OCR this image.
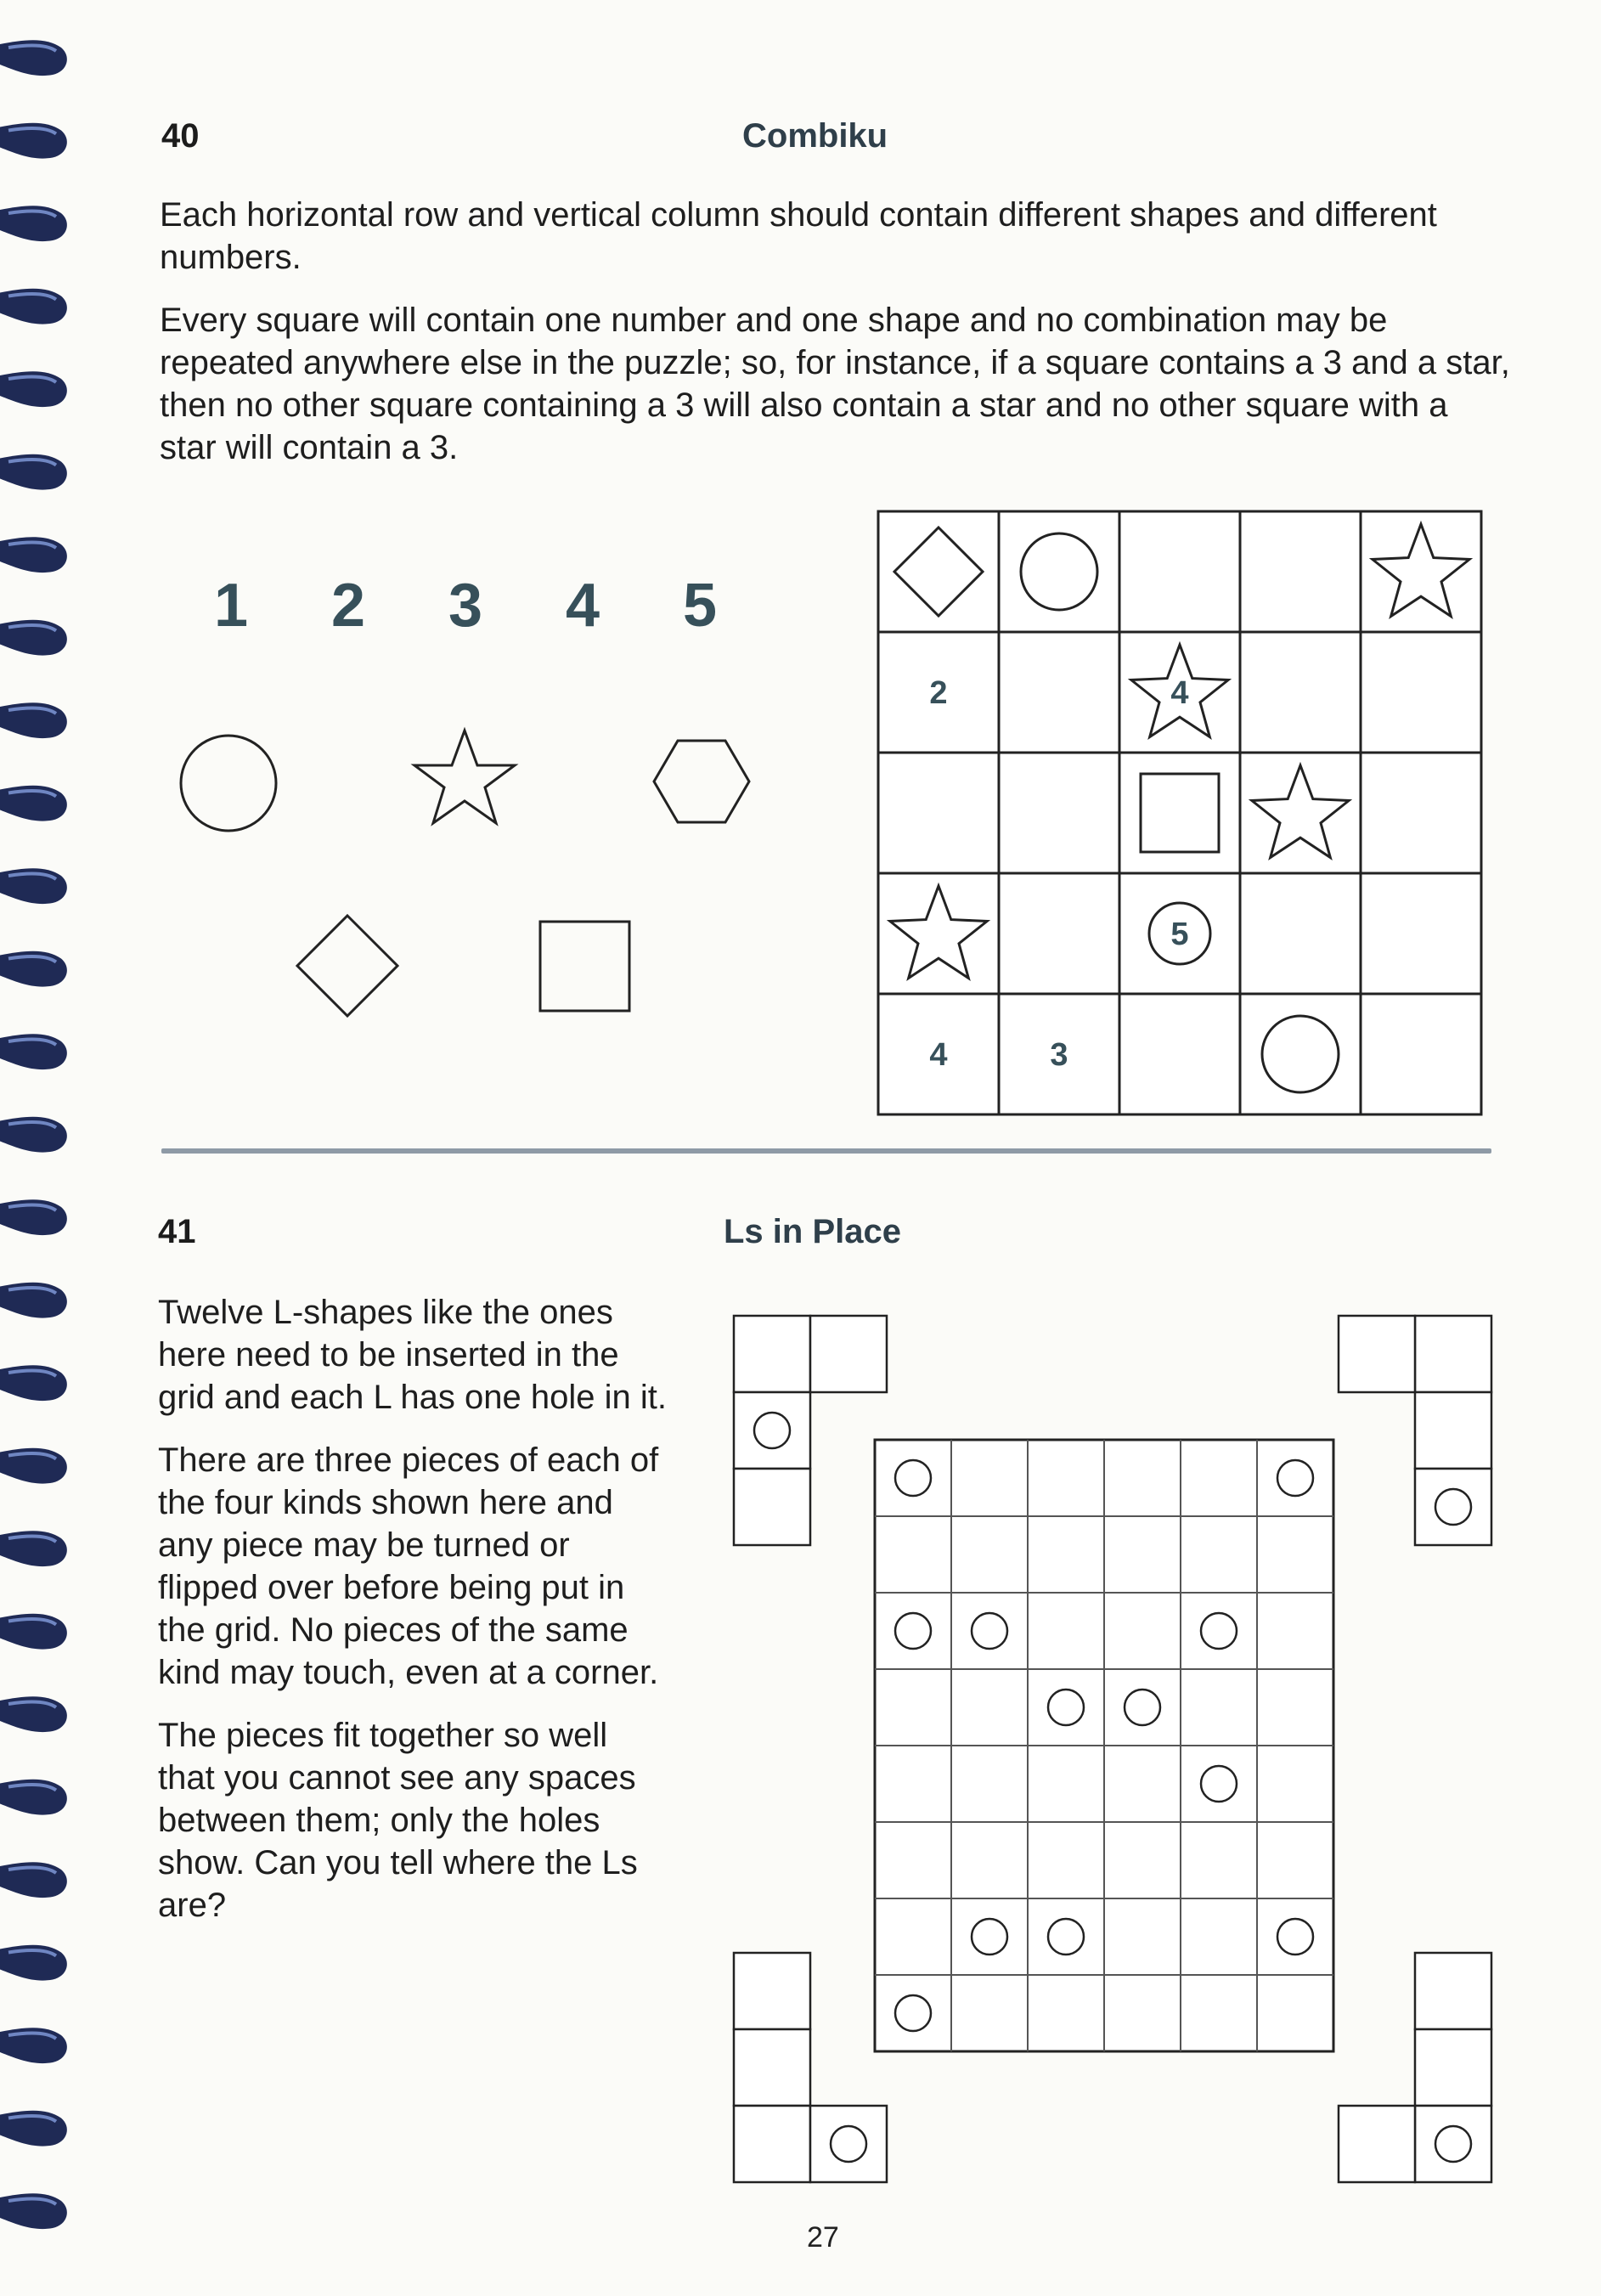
40	Combiku

Each horizontal row and vertical column should contain different shapes and different numbers.

Every square will contain one number and one shape and no combination may be repeated anywhere else in the puzzle; so, for instance, if a square contains a 3 and a star, then no other square containing a 3 will also contain a star and no other square with a star will contain a 3.

1 2 3 4 5
2	4
5
4	3
41	Ls in Place

Twelve L-shapes like the ones here need to be inserted in the grid and each L has one hole in it.

There are three pieces of each of the four kinds shown here and any piece may be turned or flipped over before being put in the grid. No pieces of the same kind may touch, even at a corner.

The pieces fit together so well that you cannot see any spaces between them; only the holes show. Can you tell where the Ls are?

27
